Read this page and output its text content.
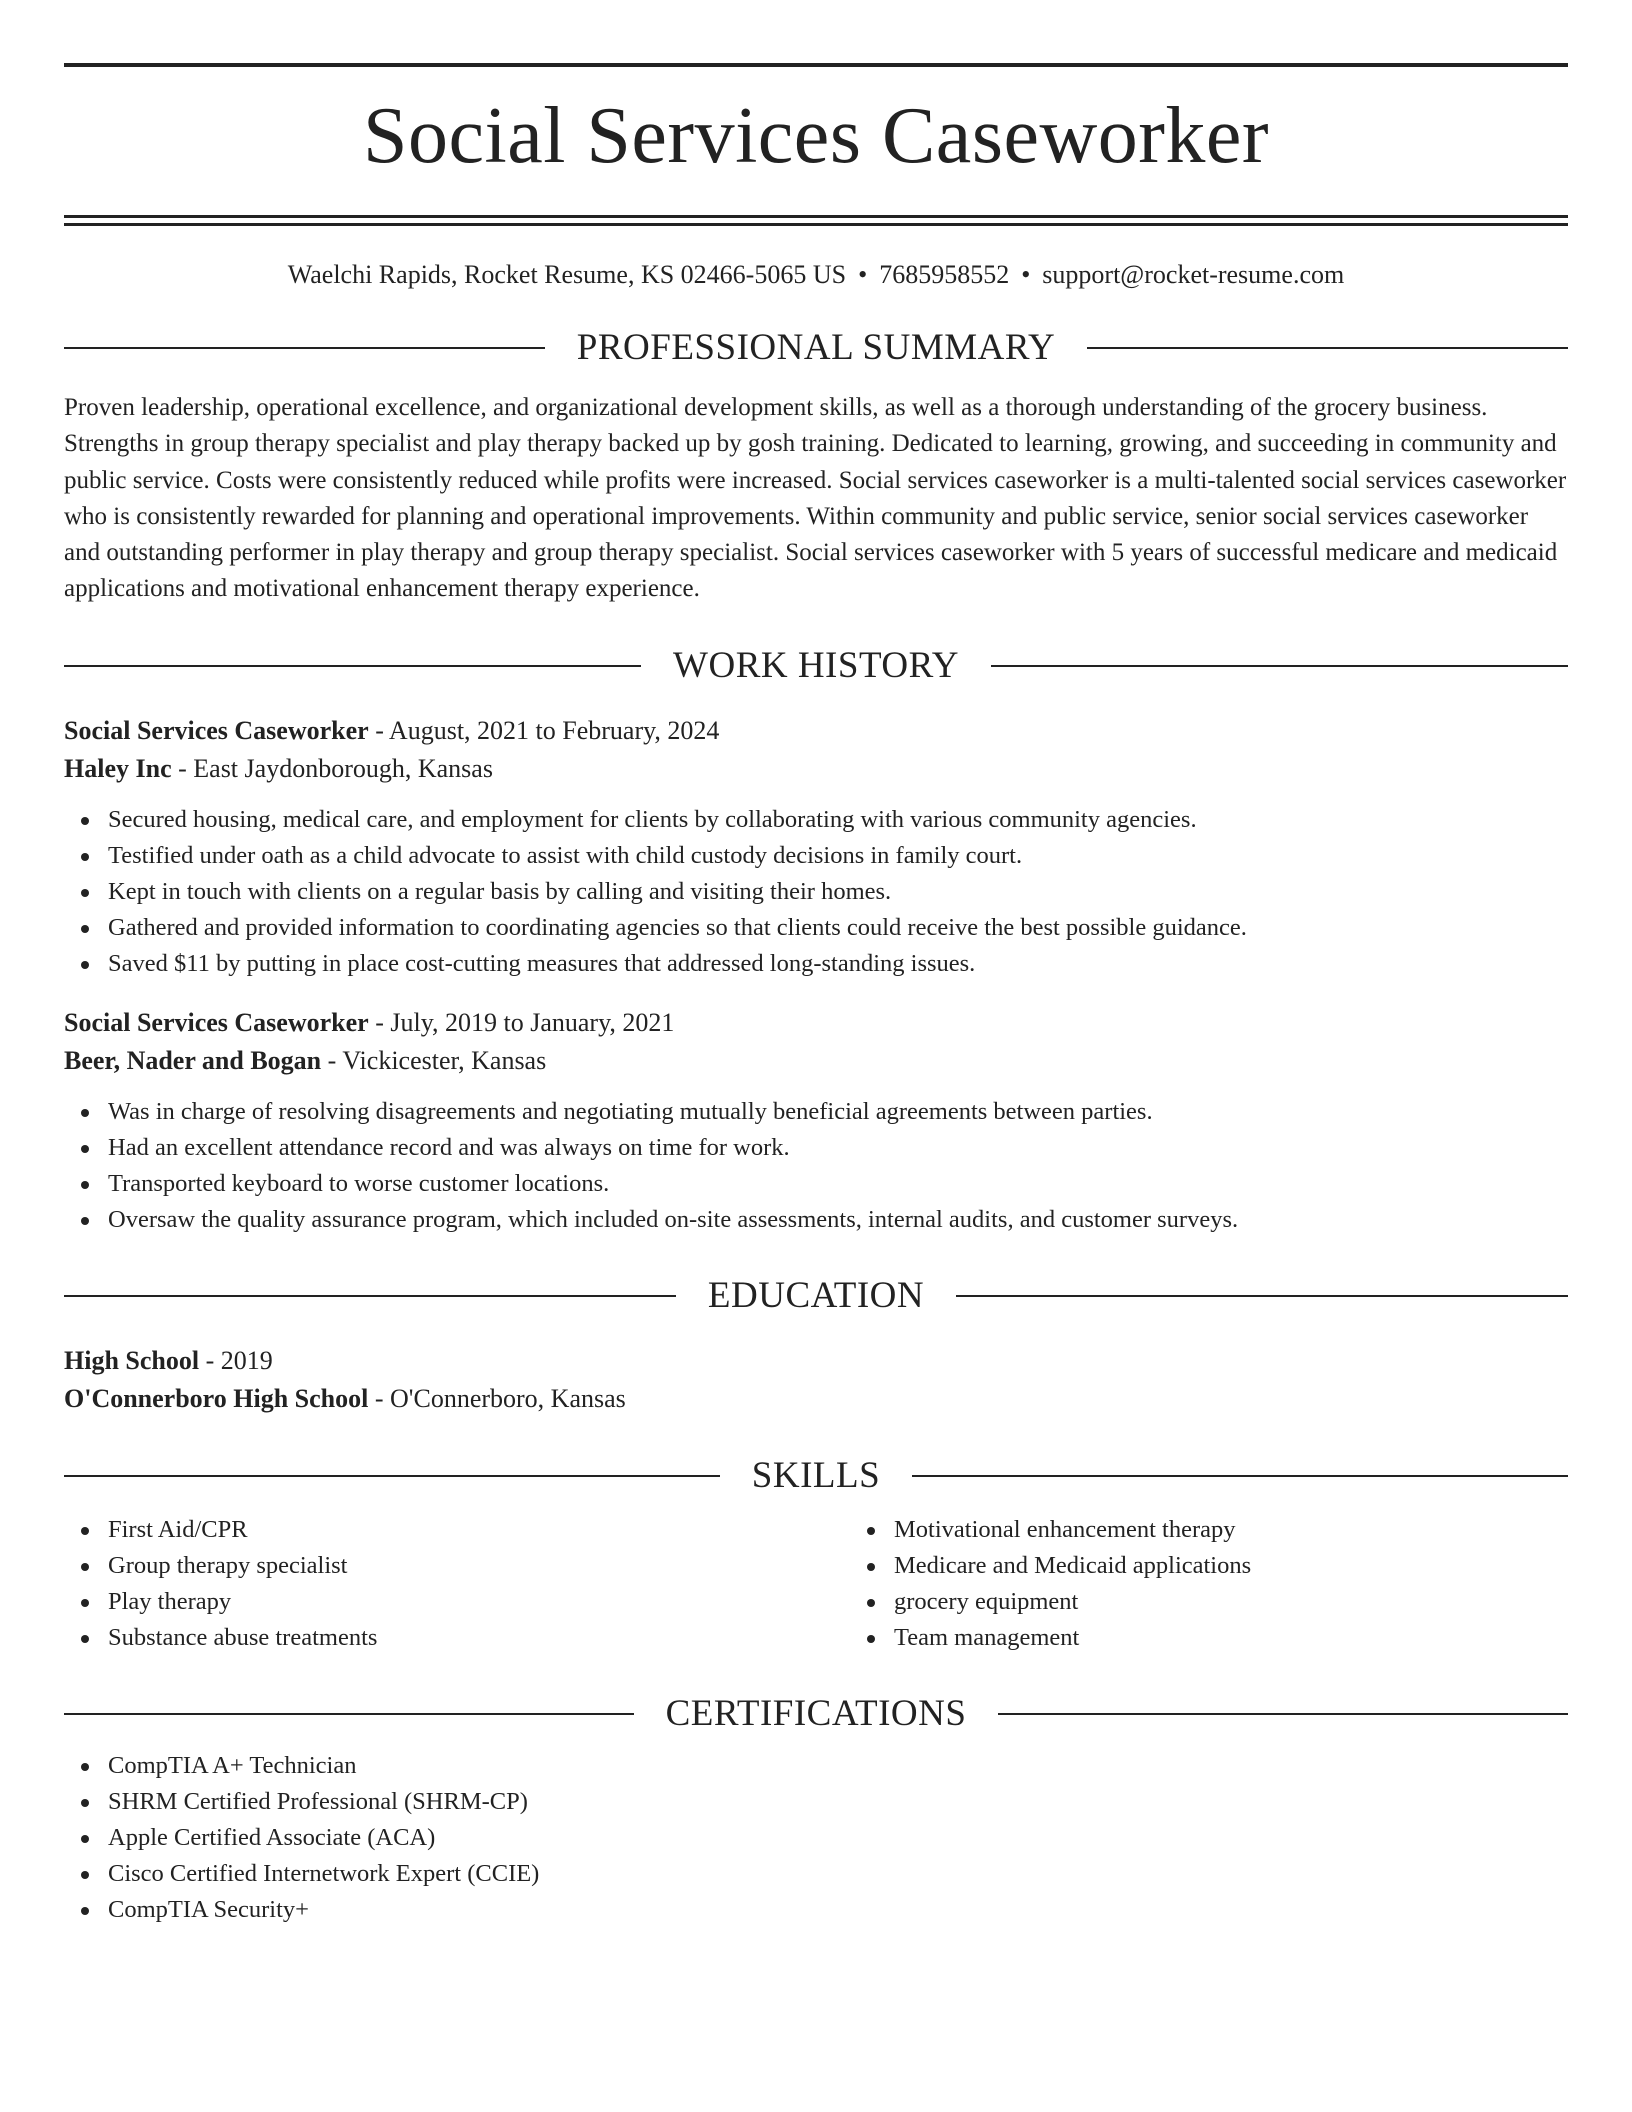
Social Services Caseworker
Waelchi Rapids, Rocket Resume, KS 02466-5065 US • 7685958552 • support@rocket-resume.com
PROFESSIONAL SUMMARY
Proven leadership, operational excellence, and organizational development skills, as well as a thorough understanding of the grocery business. Strengths in group therapy specialist and play therapy backed up by gosh training. Dedicated to learning, growing, and succeeding in community and public service. Costs were consistently reduced while profits were increased. Social services caseworker is a multi-talented social services caseworker who is consistently rewarded for planning and operational improvements. Within community and public service, senior social services caseworker and outstanding performer in play therapy and group therapy specialist. Social services caseworker with 5 years of successful medicare and medicaid applications and motivational enhancement therapy experience.
WORK HISTORY
Social Services Caseworker - August, 2021 to February, 2024
Haley Inc - East Jaydonborough, Kansas
Secured housing, medical care, and employment for clients by collaborating with various community agencies.
Testified under oath as a child advocate to assist with child custody decisions in family court.
Kept in touch with clients on a regular basis by calling and visiting their homes.
Gathered and provided information to coordinating agencies so that clients could receive the best possible guidance.
Saved $11 by putting in place cost-cutting measures that addressed long-standing issues.
Social Services Caseworker - July, 2019 to January, 2021
Beer, Nader and Bogan - Vickicester, Kansas
Was in charge of resolving disagreements and negotiating mutually beneficial agreements between parties.
Had an excellent attendance record and was always on time for work.
Transported keyboard to worse customer locations.
Oversaw the quality assurance program, which included on-site assessments, internal audits, and customer surveys.
EDUCATION
High School - 2019
O'Connerboro High School - O'Connerboro, Kansas
SKILLS
First Aid/CPR
Group therapy specialist
Play therapy
Substance abuse treatments
Motivational enhancement therapy
Medicare and Medicaid applications
grocery equipment
Team management
CERTIFICATIONS
CompTIA A+ Technician
SHRM Certified Professional (SHRM-CP)
Apple Certified Associate (ACA)
Cisco Certified Internetwork Expert (CCIE)
CompTIA Security+
